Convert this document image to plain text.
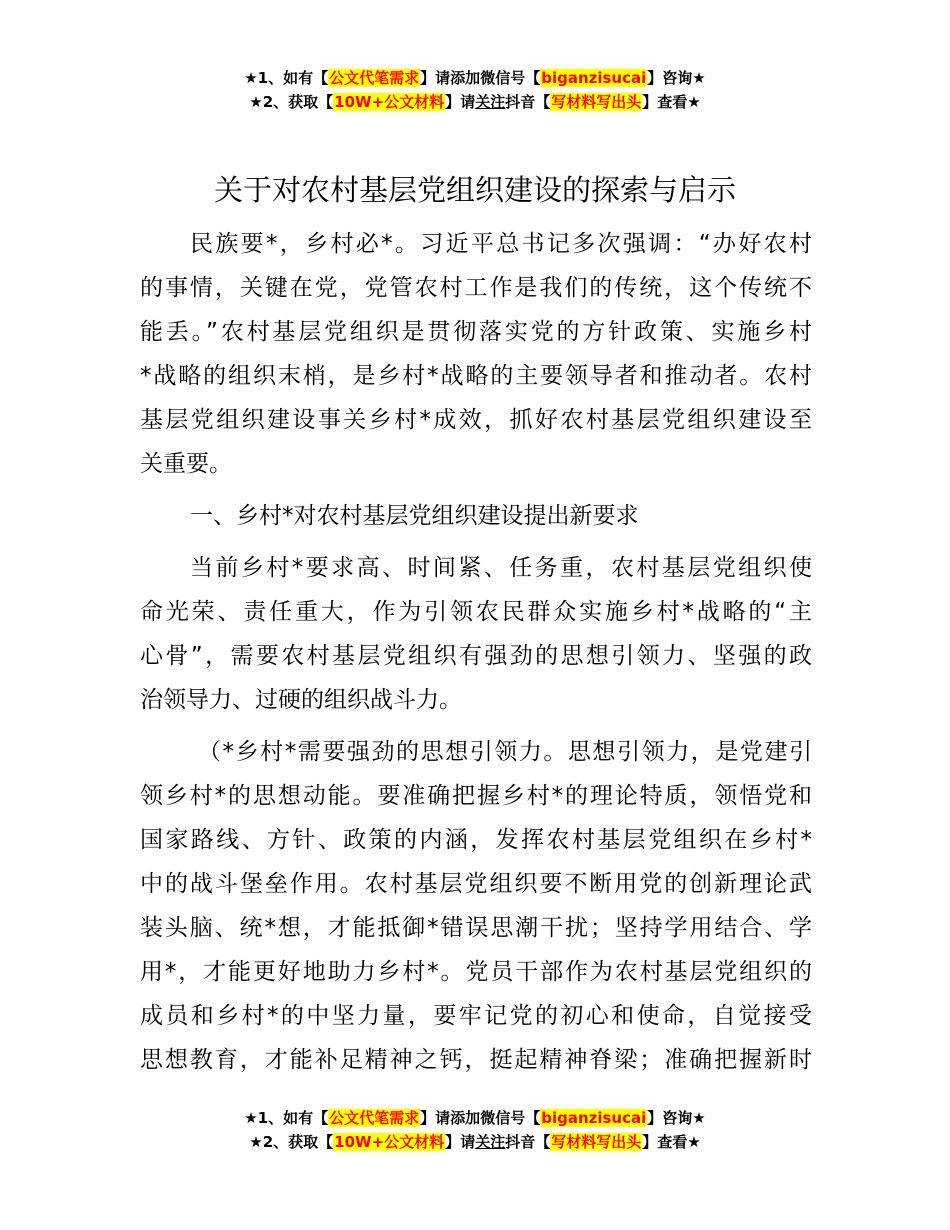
★1、如有【公文代笔需求】请添加微信号【biganzisucai】咨询★
★2、获取【10W+公文材料】请关注抖音【写材料写出头】查看★
关于对农村基层党组织建设的探索与启示
民族要*，乡村必*。习近平总书记多次强调：“办好农村
的事情，关键在党，党管农村工作是我们的传统，这个传统不
能丢。”农村基层党组织是贯彻落实党的方针政策、实施乡村
*战略的组织末梢，是乡村*战略的主要领导者和推动者。农村
基层党组织建设事关乡村*成效，抓好农村基层党组织建设至
关重要。
一、乡村*对农村基层党组织建设提出新要求
当前乡村*要求高、时间紧、任务重，农村基层党组织使
命光荣、责任重大，作为引领农民群众实施乡村*战略的“主
心骨”，需要农村基层党组织有强劲的思想引领力、坚强的政
治领导力、过硬的组织战斗力。
（*乡村*需要强劲的思想引领力。思想引领力，是党建引
领乡村*的思想动能。要准确把握乡村*的理论特质，领悟党和
国家路线、方针、政策的内涵，发挥农村基层党组织在乡村*
中的战斗堡垒作用。农村基层党组织要不断用党的创新理论武
装头脑、统*想，才能抵御*错误思潮干扰；坚持学用结合、学
用*，才能更好地助力乡村*。党员干部作为农村基层党组织的
成员和乡村*的中坚力量，要牢记党的初心和使命，自觉接受
思想教育，才能补足精神之钙，挺起精神脊梁；准确把握新时
★1、如有【公文代笔需求】请添加微信号【biganzisucai】咨询★
★2、获取【10W+公文材料】请关注抖音【写材料写出头】查看★
